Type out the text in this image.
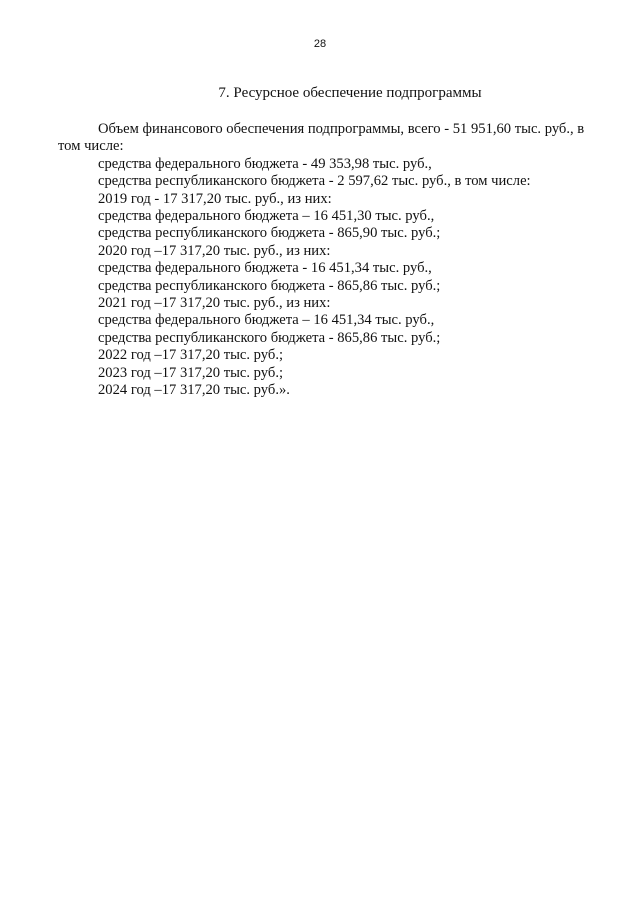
28
7. Ресурсное обеспечение подпрограммы

Объем финансового обеспечения подпрограммы, всего - 51 951,60 тыс. руб., в том числе:

средства федерального бюджета - 49 353,98 тыс. руб.,
средства республиканского бюджета - 2 597,62 тыс. руб., в том числе:
2019 год - 17 317,20 тыс. руб., из них:
средства федерального бюджета – 16 451,30 тыс. руб.,
средства республиканского бюджета - 865,90 тыс. руб.;
2020 год –17 317,20 тыс. руб., из них:
средства федерального бюджета - 16 451,34 тыс. руб.,
средства республиканского бюджета - 865,86 тыс. руб.;
2021 год –17 317,20 тыс. руб., из них:
средства федерального бюджета – 16 451,34 тыс. руб.,
средства республиканского бюджета - 865,86 тыс. руб.;
2022 год –17 317,20 тыс. руб.;
2023 год –17 317,20 тыс. руб.;
2024 год –17 317,20 тыс. руб.».
